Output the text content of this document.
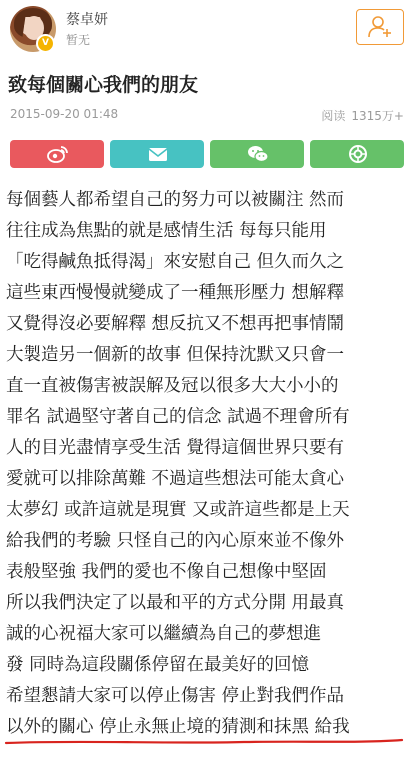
V
蔡卓妍
暂无
致每個關心我們的朋友
2015-09-20 01:48	阅读 1315万+
每個藝人都希望自己的努力可以被關注 然而
往往成為焦點的就是感情生活 每每只能用
「吃得鹹魚抵得渴」來安慰自己 但久而久之
這些東西慢慢就變成了一種無形壓力 想解釋
又覺得沒必要解釋 想反抗又不想再把事情鬧
大製造另一個新的故事 但保持沈默又只會一
直一直被傷害被誤解及冠以很多大大小小的
罪名 試過堅守著自己的信念 試過不理會所有
人的目光盡情享受生活 覺得這個世界只要有
愛就可以排除萬難 不過這些想法可能太貪心
太夢幻 或許這就是現實 又或許這些都是上天
給我們的考驗 只怪自己的內心原來並不像外
表般堅強 我們的愛也不像自己想像中堅固
所以我們決定了以最和平的方式分開 用最真
誠的心祝福大家可以繼續為自己的夢想進
發 同時為這段關係停留在最美好的回憶
希望懇請大家可以停止傷害 停止對我們作品
以外的關心 停止永無止境的猜測和抹黑 給我
